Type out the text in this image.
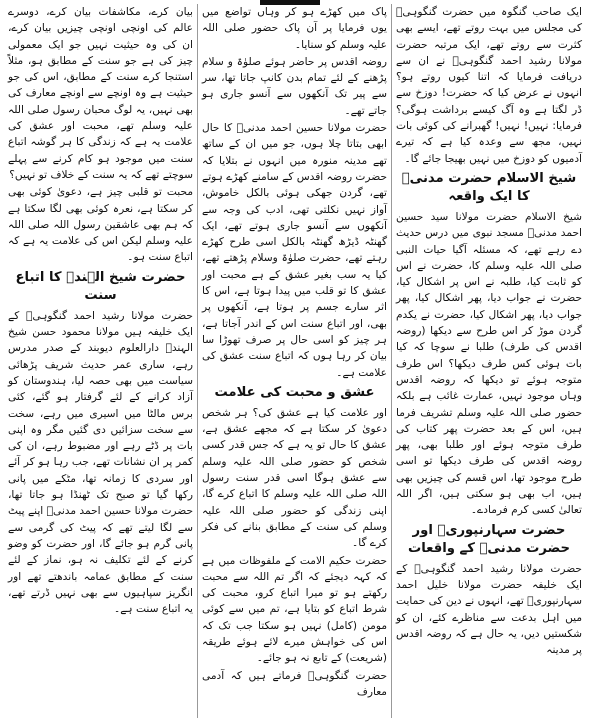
ایک صاحب گنگوہ میں حضرت گنگوہیؒ کی مجلس میں بہت روتے تھے، ایسے بھی کثرت سے روتے تھے، ایک مرتبہ حضرت مولانا رشید احمد گنگوہیؒ نے ان سے دریافت فرمایا کہ اتنا کیوں روتے ہو؟ انہوں نے عرض کیا کہ حضرت! دوزخ سے ڈر لگتا ہے وہ آگ کیسے برداشت ہوگی؟ فرمایا: نہیں! نہیں! گھبرانے کی کوئی بات نہیں، مجھ سے وعدہ کیا ہے کہ تیرے آدمیوں کو دوزخ میں نہیں بھیجا جائے گا۔
شیخ الاسلام حضرت مدنیؒ کا ایک واقعہ
شیخ الاسلام حضرت مولانا سید حسین احمد مدنیؒ مسجد نبوی میں درس حدیث دے رہے تھے، کہ مسئلہ آگیا حیات النبی صلی اللہ علیہ وسلم کا، حضرت نے اس کو ثابت کیا، طلبہ نے اس پر اشکال کیا، حضرت نے جواب دیا، پھر اشکال کیا، پھر جواب دیا، پھر اشکال کیا، حضرت نے یکدم گردن موڑ کر اس طرح سے دیکھا (روضہ اقدس کی طرف) طلبا نے سوچا کہ کیا بات ہوئی کس طرف دیکھا؟ اس طرف متوجہ ہوئے تو دیکھا کہ روضہ اقدس وہاں موجود نہیں، عمارت غائب ہے بلکہ حضور صلی اللہ علیہ وسلم تشریف فرما ہیں، اس کے بعد حضرت پھر کتاب کی طرف متوجہ ہوئے اور طلبا بھی، پھر روضہ اقدس کی طرف دیکھا تو اسی طرح موجود تھا، اس قسم کی چیزیں بھی ہیں، اب بھی ہو سکتی ہیں، اگر اللہ تعالیٰ کسی کرم فرمادے۔
حضرت سہارنپوریؒ اور حضرت مدنیؒ کے واقعات
حضرت مولانا رشید احمد گنگوہیؒ کے ایک خلیفہ حضرت مولانا خلیل احمد سہارنپوریؒ تھے، انہوں نے دین کی حمایت میں اہل بدعت سے مناظرے کئے، ان کو شکستیں دیں، یہ حال ہے کہ روضہ اقدس پر مدینہ
پاک میں کھڑے ہو کر وہاں تواضع میں یوں فرمایا پر آن پاک حضور صلی اللہ علیہ وسلم کو سنایا۔
روضہ اقدس پر حاضر ہوئے صلوٰۃ و سلام پڑھنے کے لئے تمام بدن کانپ جاتا تھا، سر سے پیر تک آنکھوں سے آنسو جاری ہو جاتے تھے۔
حضرت مولانا حسین احمد مدنیؒ کا حال ابھی بتاتا چلا ہوں، جو میں ان کے ساتھ تھے مدینہ منورہ میں انہوں نے بتلایا کہ حضرت روضہ اقدس کے سامنے کھڑے ہوتے تھے، گردن جھکی ہوئی بالکل خاموش، آواز نہیں نکلتی تھی، ادب کی وجہ سے آنکھوں سے آنسو جاری ہوتے تھے، ایک گھنٹہ ڈیڑھ گھنٹہ بالکل اسی طرح کھڑے رہتے تھے، حضرت صلوٰۃ وسلام پڑھتے تھے، کیا یہ سب بغیر عشق کے ہے محبت اور عشق کا تو قلب میں پیدا ہوتا ہے، اس کا اثر سارے جسم پر ہوتا ہے، آنکھوں پر بھی، اور اتباع سنت اس کے اندر آجاتا ہے، ہر چیز کو اسی حال پر صرف تھوڑا سا بیان کر رہا ہوں کہ اتباع سنت عشق کی علامت ہے۔
عشق و محبت کی علامت
اور علامت کیا ہے عشق کی؟ ہر شخص دعویٰ کر سکتا ہے کہ مجھے عشق ہے، عشق کا حال تو یہ ہے کہ جس قدر کسی شخص کو حضور صلی اللہ علیہ وسلم سے عشق ہوگا اسی قدر سنت رسول اللہ صلی اللہ علیہ وسلم کا اتباع کرے گا، اپنی زندگی کو حضور صلی اللہ علیہ وسلم کی سنت کے مطابق بنانے کی فکر کرے گا۔
حضرت حکیم الامت کے ملفوظات میں ہے کہ کہہ دیجئے کہ اگر تم اللہ سے محبت رکھتے ہو تو میرا اتباع کرو، محبت کی شرط اتباع کو بتایا ہے، تم میں سے کوئی مومن (کامل) نہیں ہو سکتا جب تک کہ اس کی خواہش میرے لائے ہوئے طریقہ (شریعت) کے تابع نہ ہو جائے۔
حضرت گنگوہیؒ فرماتے ہیں کہ آدمی معارف
بیان کرے، مکاشفات بیان کرے، دوسرے عالم کی اونچی اونچی چیزیں بیان کرے، ان کی وہ حیثیت نہیں جو ایک معمولی چیز کی ہے جو سنت کے مطابق ہو، مثلاً استنجا کرے سنت کے مطابق، اس کی جو حیثیت ہے وہ اونچے سے اونچے معارف کی بھی نہیں، یہ لوگ محبان رسول صلی اللہ علیہ وسلم تھے، محبت اور عشق کی علامت یہ ہے کہ زندگی کا ہر گوشہ اتباع سنت میں موجود ہو کام کرنے سے پہلے سوچتے تھے کہ یہ سنت کے خلاف تو نہیں؟
محبت تو قلبی چیز ہے، دعویٰ کوئی بھی کر سکتا ہے، نعرہ کوئی بھی لگا سکتا ہے کہ ہم بھی عاشقین رسول اللہ صلی اللہ علیہ وسلم لیکن اس کی علامت یہ ہے کہ اتباع سنت ہو۔
حضرت شیخ الہندؒ کا اتباع سنت
حضرت مولانا رشید احمد گنگوہیؒ کے ایک خلیفہ ہیں مولانا محمود حسن شیخ الہندؒ دارالعلوم دیوبند کے صدر مدرس رہے، ساری عمر حدیث شریف پڑھائی سیاست میں بھی حصہ لیا، ہندوستان کو آزاد کرانے کے لئے گرفتار ہو گئے، کئی برس مالٹا میں اسیری میں رہے، سخت سے سخت سزائیں دی گئیں مگر وہ اپنی بات پر ڈٹے رہے اور مضبوط رہے، ان کی کمر پر ان نشانات تھے، جب رہا ہو کر آئے اور سردی کا زمانہ تھا، مٹکے میں پانی رکھا گیا تو صبح تک ٹھنڈا ہو جاتا تھا، حضرت مولانا حسین احمد مدنیؒ اپنے پیٹ سے لگا لیتے تھے کہ پیٹ کی گرمی سے پانی گرم ہو جائے گا، اور حضرت کو وضو کرنے کے لئے تکلیف نہ ہو، نماز کے لئے سنت کے مطابق عمامہ باندھتے تھے اور انگریز سپاہیوں سے بھی نہیں ڈرتے تھے، یہ اتباع سنت ہے۔
